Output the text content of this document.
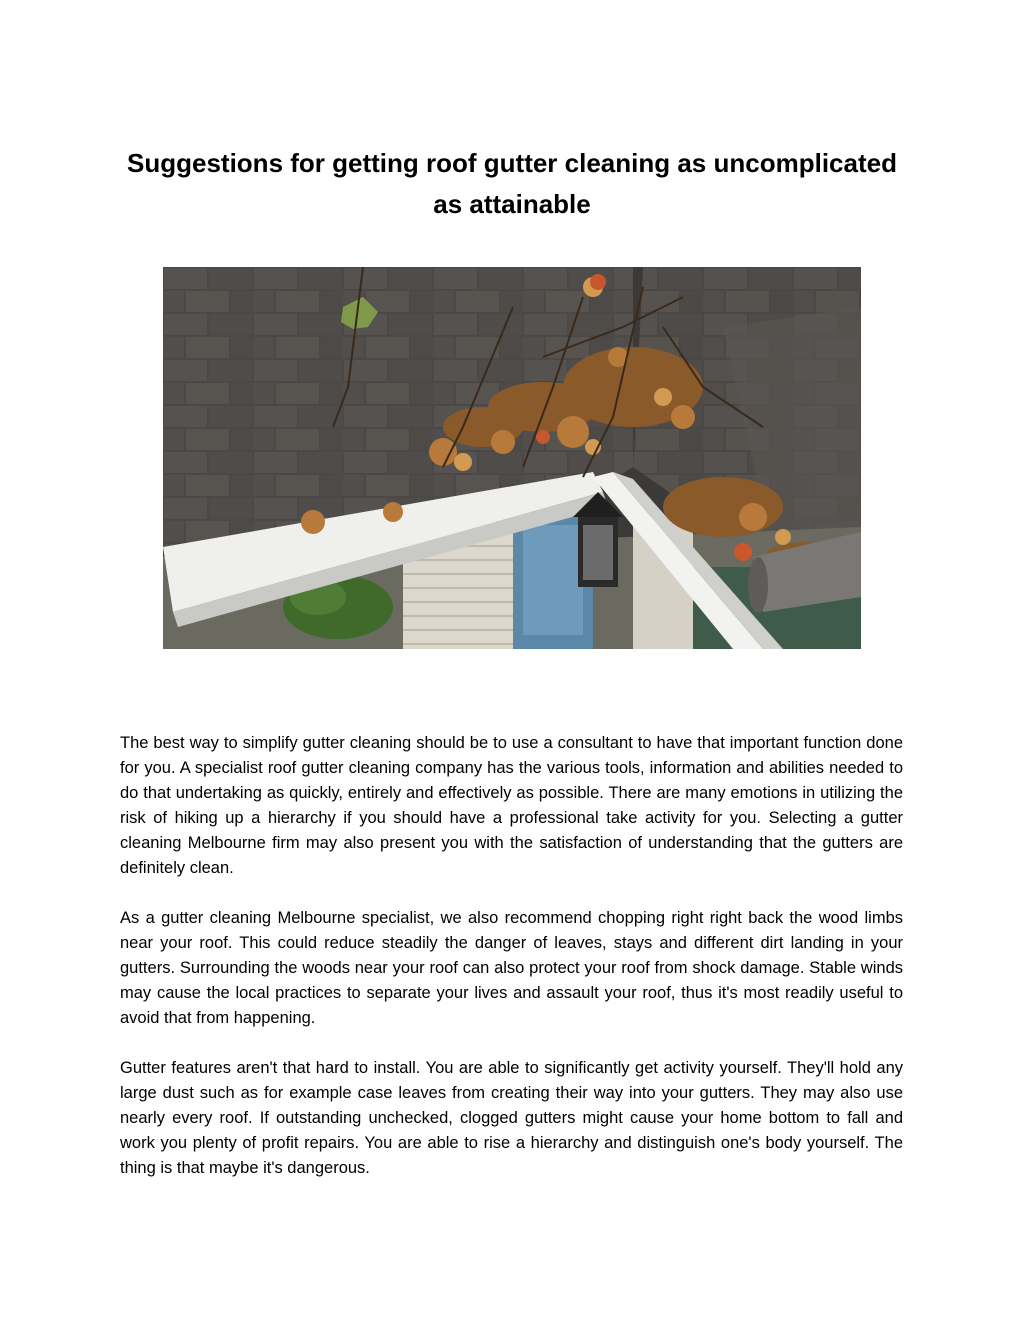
Suggestions for getting roof gutter cleaning as uncomplicated as attainable

The best way to simplify gutter cleaning should be to use a consultant to have that important function done for you. A specialist roof gutter cleaning company has the various tools, information and abilities needed to do that undertaking as quickly, entirely and effectively as possible. There are many emotions in utilizing the risk of hiking up a hierarchy if you should have a professional take activity for you. Selecting a gutter cleaning Melbourne firm may also present you with the satisfaction of understanding that the gutters are definitely clean.

As a gutter cleaning Melbourne specialist, we also recommend chopping right right back the wood limbs near your roof. This could reduce steadily the danger of leaves, stays and different dirt landing in your gutters. Surrounding the woods near your roof can also protect your roof from shock damage. Stable winds may cause the local practices to separate your lives and assault your roof, thus it's most readily useful to avoid that from happening.

Gutter features aren't that hard to install. You are able to significantly get activity yourself. They'll hold any large dust such as for example case leaves from creating their way into your gutters. They may also use nearly every roof. If outstanding unchecked, clogged gutters might cause your home bottom to fall and work you plenty of profit repairs. You are able to rise a hierarchy and distinguish one's body yourself. The thing is that maybe it's dangerous.
